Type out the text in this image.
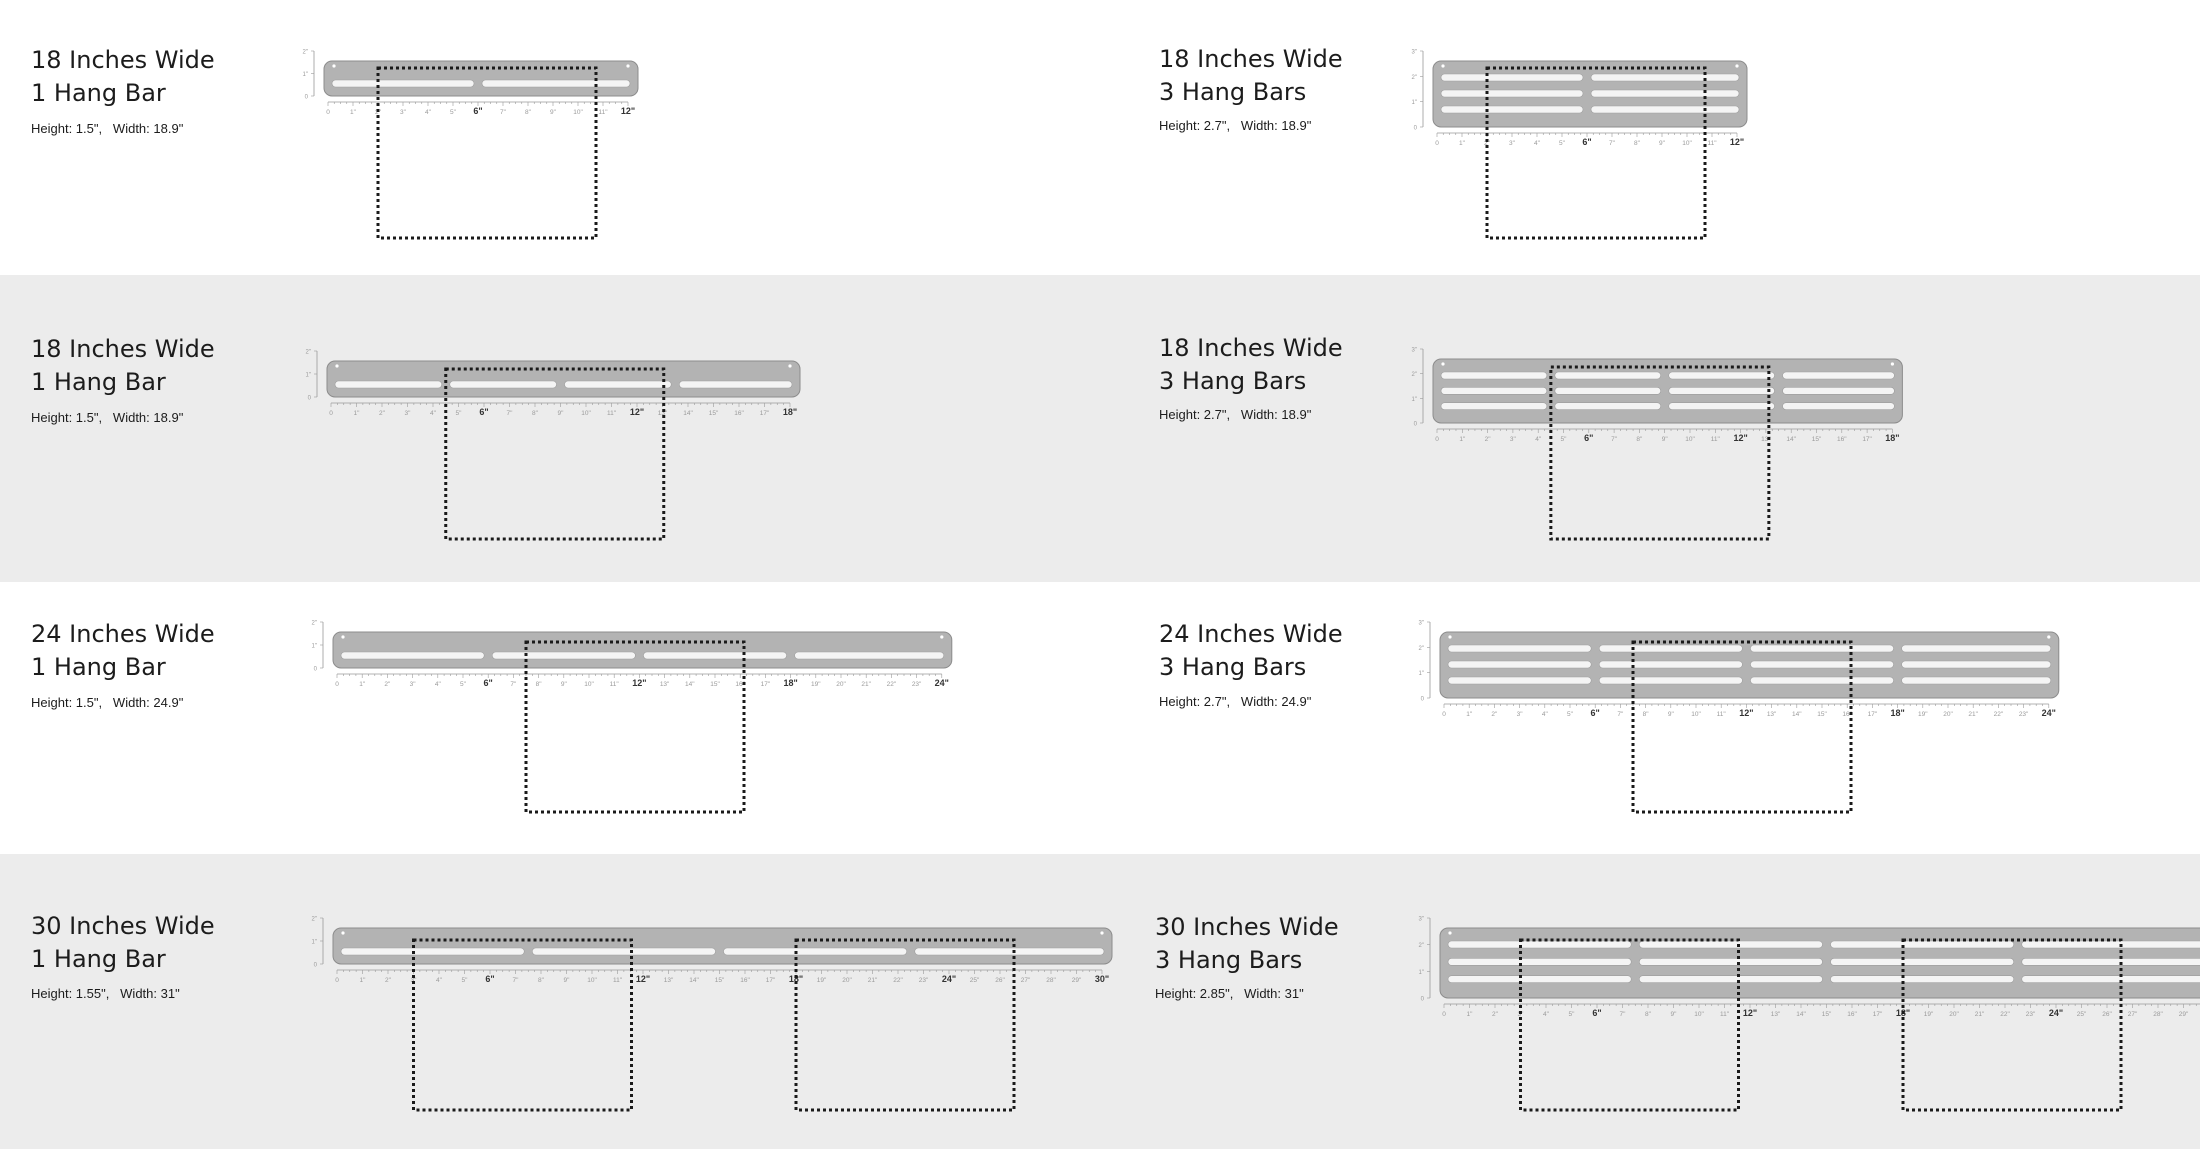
18 Inches Wide
1 Hang Bar
Height: 1.5",   Width: 18.9"
0	1"	2"	3"	4"	5" 6"	7"	8"	9"	10" 11" 12"
2"
1"
0
18 Inches Wide
3 Hang Bars
Height: 2.7",   Width: 18.9"
0	1"	2"	3"	4"	5" 6"	7"	8"	9"	10" 11" 12"
3"
2"
1"
0
18 Inches Wide
1 Hang Bar
Height: 1.5",   Width: 18.9"	0	1"	2"	3"	4"	5" 6"	7"	8"	9"	10" 11" 12" 13" 14" 15" 16" 17" 18"
2"
1"
0
18 Inches Wide
3 Hang Bars
Height: 2.7",   Width: 18.9"
0	1"	2"	3"	4"	5" 6"	7"	8"	9"	10" 11" 12" 13" 14" 15" 16" 17" 18"
3"
2"
1"
0
24 Inches Wide
1 Hang Bar
Height: 1.5",   Width: 24.9"
0	1"	2"	3"	4"	5" 6"	7"	8"	9"	10" 11" 12" 13" 14" 15" 16" 17" 18" 19" 20" 21" 22" 23" 24"
2"
1"
0
24 Inches Wide
3 Hang Bars
Height: 2.7",   Width: 24.9"
0	1"	2"	3"	4"	5" 6"	7"	8"	9"	10" 11" 12" 13" 14" 15" 16" 17" 18" 19" 20" 21" 22" 23" 24"
3"
2"
1"
0
30 Inches Wide
1 Hang Bar
Height: 1.55",   Width: 31"
0	1"	2"	3"	4"	5" 6"	7"	8"	9"	10" 11" 12" 13" 14" 15" 16" 17" 18" 19" 20" 21" 22" 23" 24" 25" 26" 27" 28" 29" 30"
2"
1"
0
30 Inches Wide
3 Hang Bars
Height: 2.85",   Width: 31"
0	1"	2"	3"	4"	5" 6"	7"	8"	9"	10" 11" 12" 13" 14" 15" 16" 17" 18" 19" 20" 21" 22" 23" 24" 25" 26" 27" 28" 29"
3"
2"
1"
0
